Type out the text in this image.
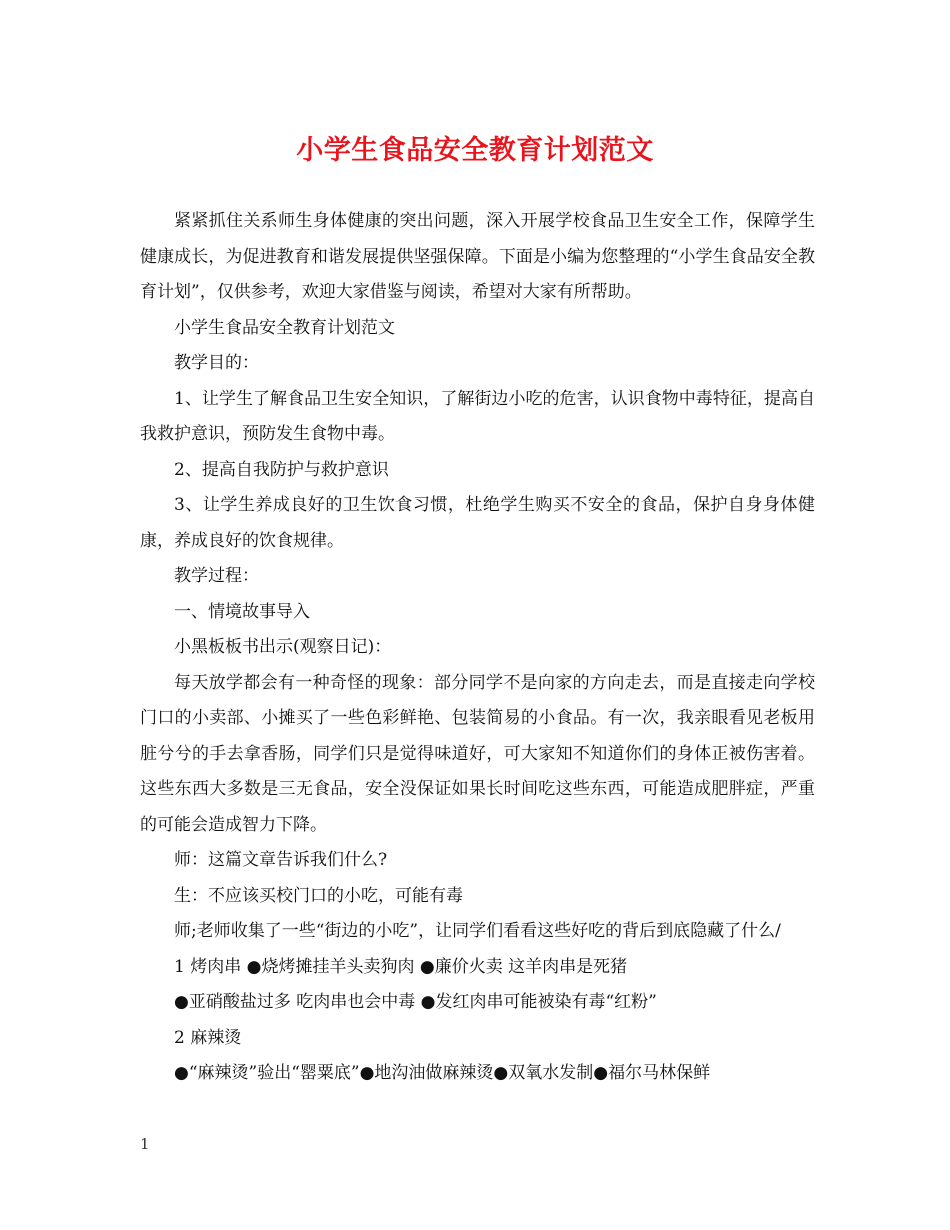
小学生食品安全教育计划范文

紧紧抓住关系师生身体健康的突出问题，深入开展学校食品卫生安全工作，保障学生健康成长，为促进教育和谐发展提供坚强保障。下面是小编为您整理的“小学生食品安全教育计划”，仅供参考，欢迎大家借鉴与阅读，希望对大家有所帮助。

小学生食品安全教育计划范文

教学目的：

1、让学生了解食品卫生安全知识，了解街边小吃的危害，认识食物中毒特征，提高自我救护意识，预防发生食物中毒。

2、提高自我防护与救护意识

3、让学生养成良好的卫生饮食习惯，杜绝学生购买不安全的食品，保护自身身体健康，养成良好的饮食规律。

教学过程：

一、情境故事导入

小黑板板书出示(观察日记)：

每天放学都会有一种奇怪的现象：部分同学不是向家的方向走去，而是直接走向学校门口的小卖部、小摊买了一些色彩鲜艳、包装简易的小食品。有一次，我亲眼看见老板用脏兮兮的手去拿香肠，同学们只是觉得味道好，可大家知不知道你们的身体正被伤害着。 这些东西大多数是三无食品，安全没保证如果长时间吃这些东西，可能造成肥胖症，严重的可能会造成智力下降。

师：这篇文章告诉我们什么?

生：不应该买校门口的小吃，可能有毒

师;老师收集了一些“街边的小吃”，让同学们看看这些好吃的背后到底隐藏了什么/

1 烤肉串 ●烧烤摊挂羊头卖狗肉 ●廉价火卖 这羊肉串是死猪

●亚硝酸盐过多 吃肉串也会中毒 ●发红肉串可能被染有毒“红粉”

2 麻辣烫

●“麻辣烫”验出“罂粟底”●地沟油做麻辣烫●双氧水发制●福尔马林保鲜

1
